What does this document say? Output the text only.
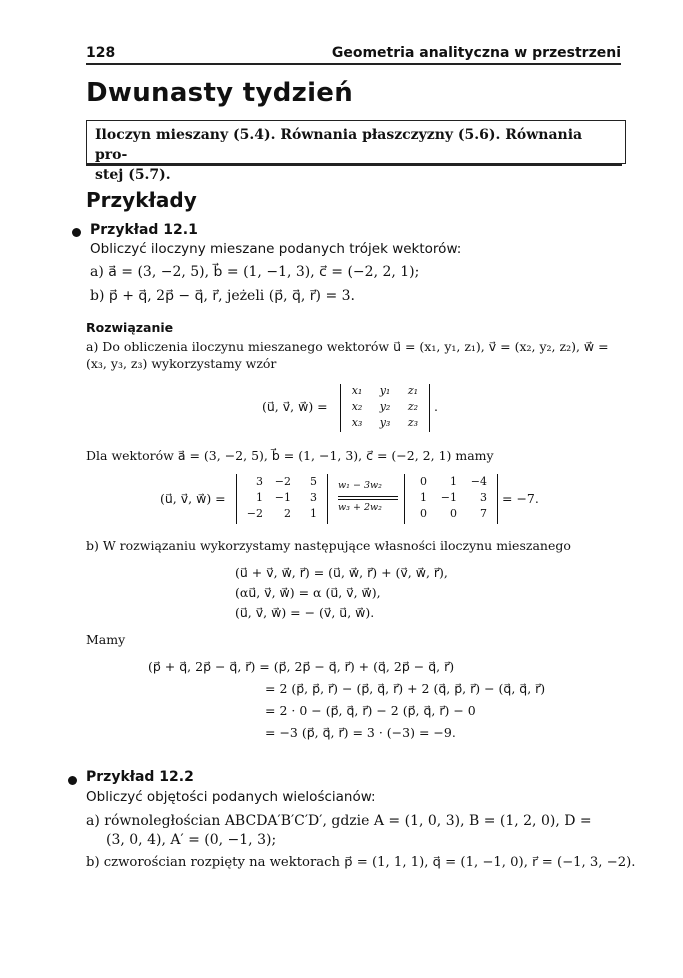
128	Geometria analityczna w przestrzeni
Dwunasty tydzień
Iloczyn mieszany (5.4). Równania płaszczyzny (5.6). Równania pro-
stej (5.7).
Przykłady
Przykład 12.1
Obliczyć iloczyny mieszane podanych trójek wektorów:
a) a⃗ = (3, −2, 5), b⃗ = (1, −1, 3), c⃗ = (−2, 2, 1);
b) p⃗ + q⃗, 2p⃗ − q⃗, r⃗, jeżeli (p⃗, q⃗, r⃗) = 3.
Rozwiązanie
a) Do obliczenia iloczynu mieszanego wektorów u⃗ = (x₁, y₁, z₁), v⃗ = (x₂, y₂, z₂), w⃗ =
(x₃, y₃, z₃) wykorzystamy wzór
(u⃗, v⃗, w⃗) =
x₁	y₁	z₁
x₂	y₂	z₂
x₃	y₃	z₃
.
Dla wektorów a⃗ = (3, −2, 5), b⃗ = (1, −1, 3), c⃗ = (−2, 2, 1) mamy
(u⃗, v⃗, w⃗) =
3 −2	5
1 −1	3
−2	2	1
w₁ − 3w₂
w₃ + 2w₂
0	1 −4
1 −1	3
0	0	7
= −7.
b) W rozwiązaniu wykorzystamy następujące własności iloczynu mieszanego
(u⃗ + v⃗, w⃗, r⃗) = (u⃗, w⃗, r⃗) + (v⃗, w⃗, r⃗),
(αu⃗, v⃗, w⃗) = α (u⃗, v⃗, w⃗),
(u⃗, v⃗, w⃗) = − (v⃗, u⃗, w⃗).
Mamy
(p⃗ + q⃗, 2p⃗ − q⃗, r⃗) = (p⃗, 2p⃗ − q⃗, r⃗) + (q⃗, 2p⃗ − q⃗, r⃗)
= 2 (p⃗, p⃗, r⃗) − (p⃗, q⃗, r⃗) + 2 (q⃗, p⃗, r⃗) − (q⃗, q⃗, r⃗)
= 2 · 0 − (p⃗, q⃗, r⃗) − 2 (p⃗, q⃗, r⃗) − 0
= −3 (p⃗, q⃗, r⃗) = 3 · (−3) = −9.
Przykład 12.2
Obliczyć objętości podanych wielościanów:
a) równoległościan ABCDA′B′C′D′, gdzie A = (1, 0, 3), B = (1, 2, 0), D =
(3, 0, 4), A′ = (0, −1, 3);
b) czworościan rozpięty na wektorach p⃗ = (1, 1, 1), q⃗ = (1, −1, 0), r⃗ = (−1, 3, −2).
